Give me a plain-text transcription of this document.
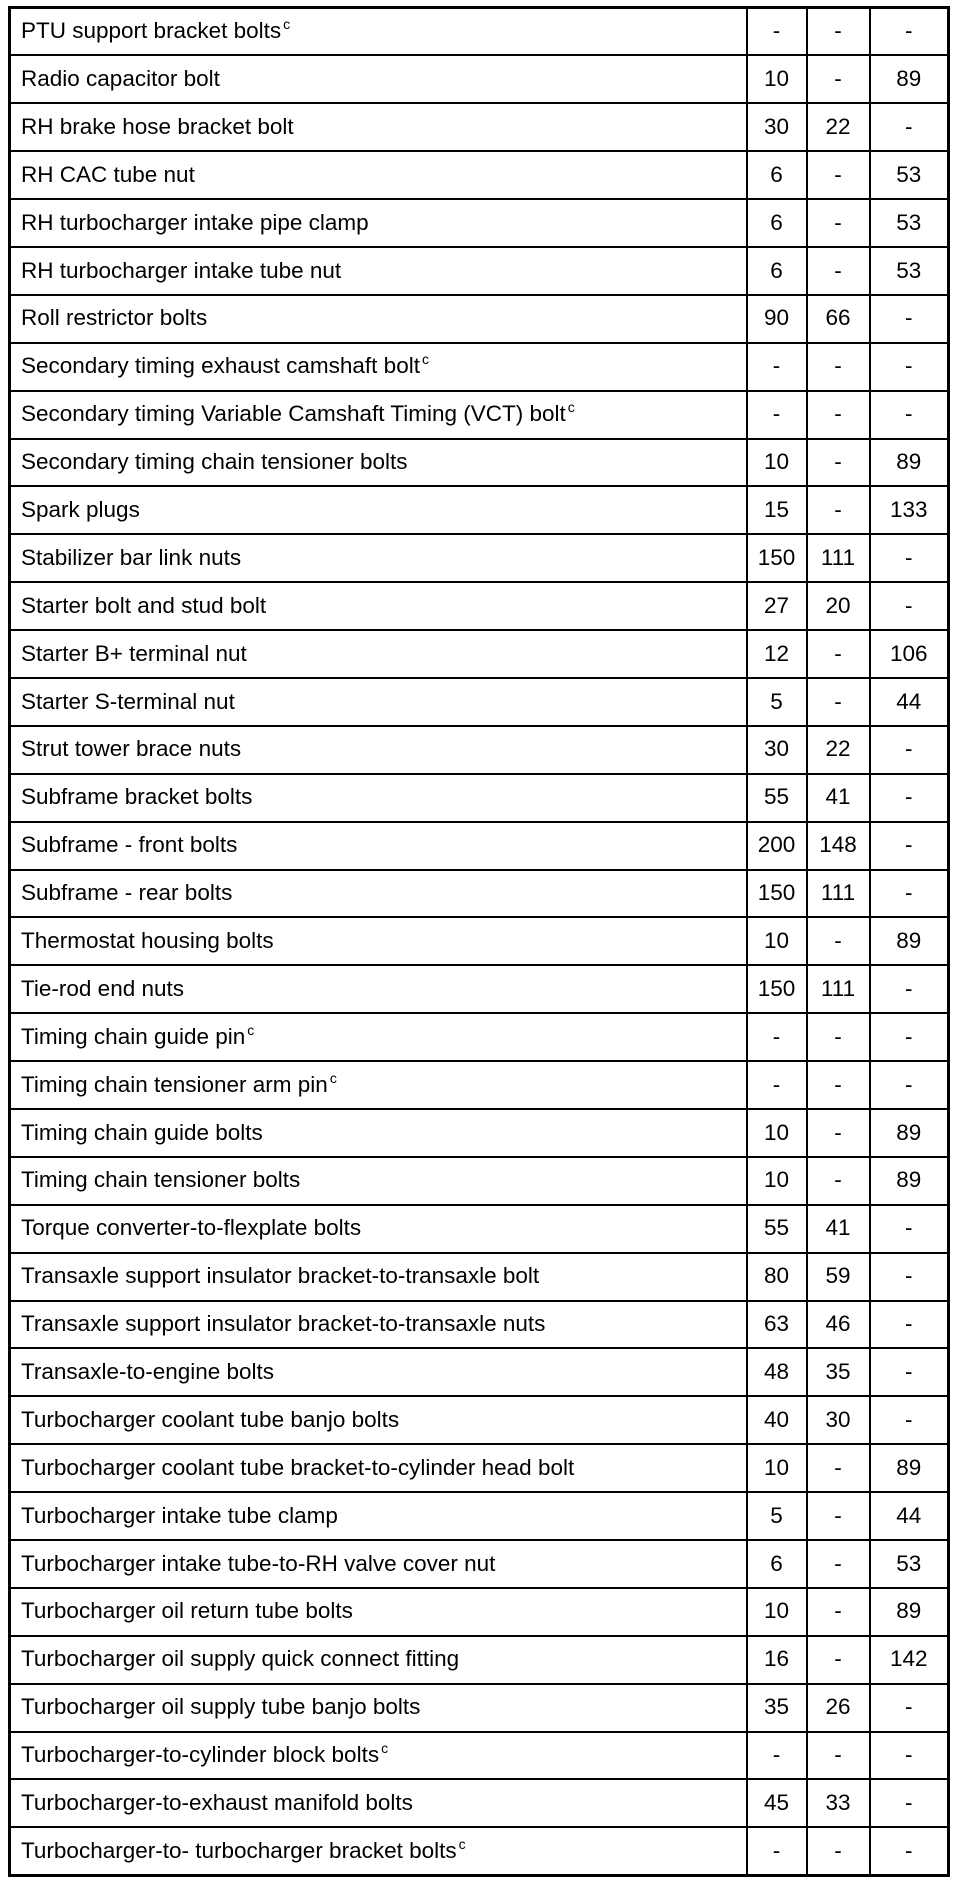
PTU support bracket bolts $^c$	-	-	-
Radio capacitor bolt	10	-	89
RH brake hose bracket bolt	30	22	-
RH CAC tube nut	6	-	53
RH turbocharger intake pipe clamp	6	-	53
RH turbocharger intake tube nut	6	-	53
Roll restrictor bolts	90	66	-
Secondary timing exhaust camshaft bolt $^c$	-	-	-
Secondary timing Variable Camshaft Timing (VCT) bolt $^c$	-	-	-
Secondary timing chain tensioner bolts	10	-	89
Spark plugs	15	-	133
Stabilizer bar link nuts	150	111	-
Starter bolt and stud bolt	27	20	-
Starter B+ terminal nut	12	-	106
Starter S-terminal nut	5	-	44
Strut tower brace nuts	30	22	-
Subframe bracket bolts	55	41	-
Subframe - front bolts	200	148	-
Subframe - rear bolts	150	111	-
Thermostat housing bolts	10	-	89
Tie-rod end nuts	150	111	-
Timing chain guide pin $^c$	-	-	-
Timing chain tensioner arm pin $^c$	-	-	-
Timing chain guide bolts	10	-	89
Timing chain tensioner bolts	10	-	89
Torque converter-to-flexplate bolts	55	41	-
Transaxle support insulator bracket-to-transaxle bolt	80	59	-
Transaxle support insulator bracket-to-transaxle nuts	63	46	-
Transaxle-to-engine bolts	48	35	-
Turbocharger coolant tube banjo bolts	40	30	-
Turbocharger coolant tube bracket-to-cylinder head bolt	10	-	89
Turbocharger intake tube clamp	5	-	44
Turbocharger intake tube-to-RH valve cover nut	6	-	53
Turbocharger oil return tube bolts	10	-	89
Turbocharger oil supply quick connect fitting	16	-	142
Turbocharger oil supply tube banjo bolts	35	26	-
Turbocharger-to-cylinder block bolts $^c$	-	-	-
Turbocharger-to-exhaust manifold bolts	45	33	-
Turbocharger-to- turbocharger bracket bolts $^c$	-	-	-
